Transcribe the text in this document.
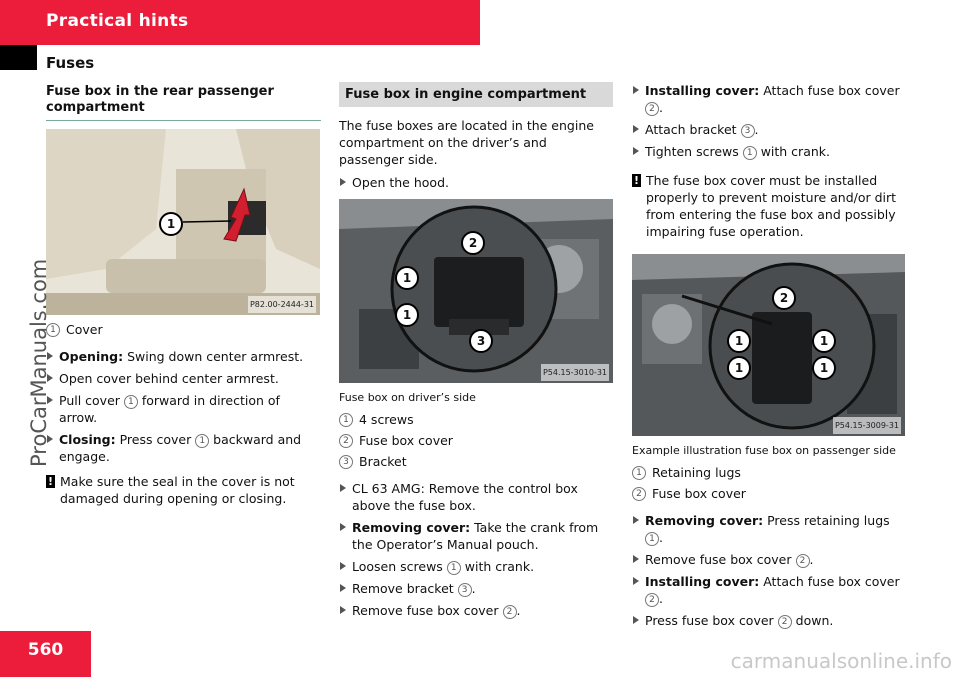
Practical hints
Fuses
Fuse box in the rear passenger compartment
1
P82.00-2444-31
1 Cover
Opening: Swing down center armrest.
Open cover behind center armrest.
Pull cover 1 forward in direction of arrow.
Closing: Press cover 1 backward and engage.
! Make sure the seal in the cover is not damaged during opening or closing.
Fuse box in engine compartment

The fuse boxes are located in the engine compartment on the driver’s and passenger side.

Open the hood.
2
1
1
3
P54.15-3010-31
Fuse box on driver’s side
1 4 screws
2 Fuse box cover
3 Bracket
CL 63 AMG: Remove the control box above the fuse box.
Removing cover: Take the crank from the Operator’s Manual pouch.
Loosen screws 1 with crank.
Remove bracket 3 .
Remove fuse box cover 2 .
Installing cover: Attach fuse box cover 2 .
Attach bracket 3 .
Tighten screws 1 with crank.
! The fuse box cover must be installed properly to prevent moisture and/or dirt from entering the fuse box and possibly impairing fuse operation.
2
1
1
1
1
P54.15-3009-31
Example illustration fuse box on passenger side
1 Retaining lugs
2 Fuse box cover
Removing cover: Press retaining lugs 1 .
Remove fuse box cover 2 .
Installing cover: Attach fuse box cover 2 .
Press fuse box cover 2 down.
560
ProCarManuals.com
carmanualsonline.info
